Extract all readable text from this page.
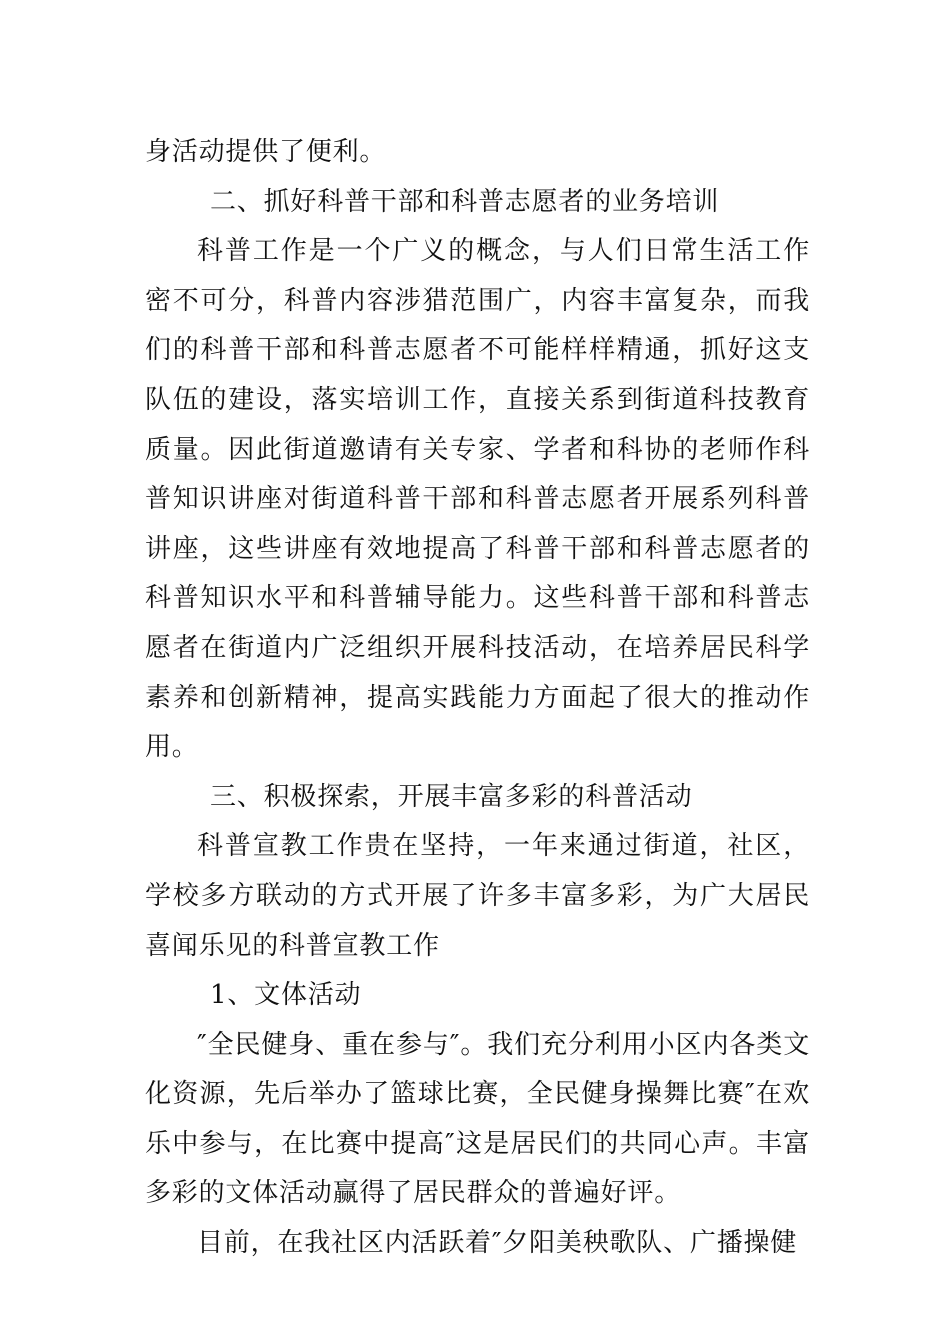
身活动提供了便利。

二、抓好科普干部和科普志愿者的业务培训

科普工作是一个广义的概念，与人们日常生活工作密不可分，科普内容涉猎范围广，内容丰富复杂，而我们的科普干部和科普志愿者不可能样样精通，抓好这支队伍的建设，落实培训工作，直接关系到街道科技教育质量。因此街道邀请有关专家、学者和科协的老师作科普知识讲座对街道科普干部和科普志愿者开展系列科普讲座，这些讲座有效地提高了科普干部和科普志愿者的科普知识水平和科普辅导能力。这些科普干部和科普志愿者在街道内广泛组织开展科技活动，在培养居民科学素养和创新精神，提高实践能力方面起了很大的推动作用。

三、积极探索，开展丰富多彩的科普活动

科普宣教工作贵在坚持，一年来通过街道，社区，学校多方联动的方式开展了许多丰富多彩，为广大居民喜闻乐见的科普宣教工作

1、文体活动

″全民健身、重在参与″。我们充分利用小区内各类文化资源，先后举办了篮球比赛，全民健身操舞比赛″在欢乐中参与，在比赛中提高″这是居民们的共同心声。丰富多彩的文体活动赢得了居民群众的普遍好评。

目前，在我社区内活跃着″夕阳美秧歌队、广播操健
